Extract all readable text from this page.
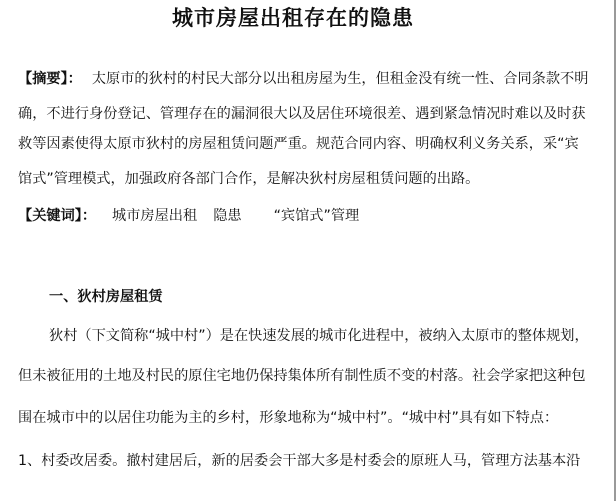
城市房屋出租存在的隐患
【摘要】： 太原市的狄村的村民大部分以出租房屋为生，但租金没有统一性、合同条款不明
确，不进行身份登记、管理存在的漏洞很大以及居住环境很差、遇到紧急情况时难以及时获
救等因素使得太原市狄村的房屋租赁问题严重。规范合同内容、明确权利义务关系，采“宾
馆式”管理模式，加强政府各部门合作，是解决狄村房屋租赁问题的出路。
【关键词】： 城市房屋出租 隐患 “宾馆式”管理
一、狄村房屋租赁
狄村（下文简称“城中村”）是在快速发展的城市化进程中，被纳入太原市的整体规划，
但未被征用的土地及村民的原住宅地仍保持集体所有制性质不变的村落。社会学家把这种包
围在城市中的以居住功能为主的乡村，形象地称为“城中村”。“城中村”具有如下特点：
1、村委改居委。撤村建居后，新的居委会干部大多是村委会的原班人马，管理方法基本沿
